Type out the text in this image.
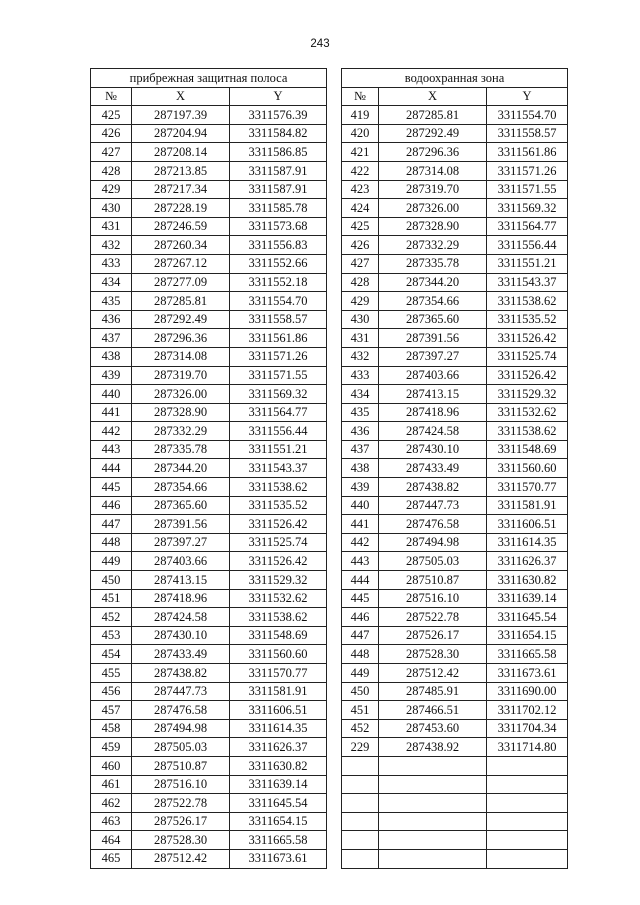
243
прибрежная защитная полоса				водоохранная зона		
№	X	Y		№	X	Y
425	287197.39	3311576.39		419	287285.81	3311554.70
426	287204.94	3311584.82		420	287292.49	3311558.57
427	287208.14	3311586.85		421	287296.36	3311561.86
428	287213.85	3311587.91		422	287314.08	3311571.26
429	287217.34	3311587.91		423	287319.70	3311571.55
430	287228.19	3311585.78		424	287326.00	3311569.32
431	287246.59	3311573.68		425	287328.90	3311564.77
432	287260.34	3311556.83		426	287332.29	3311556.44
433	287267.12	3311552.66		427	287335.78	3311551.21
434	287277.09	3311552.18		428	287344.20	3311543.37
435	287285.81	3311554.70		429	287354.66	3311538.62
436	287292.49	3311558.57		430	287365.60	3311535.52
437	287296.36	3311561.86		431	287391.56	3311526.42
438	287314.08	3311571.26		432	287397.27	3311525.74
439	287319.70	3311571.55		433	287403.66	3311526.42
440	287326.00	3311569.32		434	287413.15	3311529.32
441	287328.90	3311564.77		435	287418.96	3311532.62
442	287332.29	3311556.44		436	287424.58	3311538.62
443	287335.78	3311551.21		437	287430.10	3311548.69
444	287344.20	3311543.37		438	287433.49	3311560.60
445	287354.66	3311538.62		439	287438.82	3311570.77
446	287365.60	3311535.52		440	287447.73	3311581.91
447	287391.56	3311526.42		441	287476.58	3311606.51
448	287397.27	3311525.74		442	287494.98	3311614.35
449	287403.66	3311526.42		443	287505.03	3311626.37
450	287413.15	3311529.32		444	287510.87	3311630.82
451	287418.96	3311532.62		445	287516.10	3311639.14
452	287424.58	3311538.62		446	287522.78	3311645.54
453	287430.10	3311548.69		447	287526.17	3311654.15
454	287433.49	3311560.60		448	287528.30	3311665.58
455	287438.82	3311570.77		449	287512.42	3311673.61
456	287447.73	3311581.91		450	287485.91	3311690.00
457	287476.58	3311606.51		451	287466.51	3311702.12
458	287494.98	3311614.35		452	287453.60	3311704.34
459	287505.03	3311626.37		229	287438.92	3311714.80
460	287510.87	3311630.82				
461	287516.10	3311639.14				
462	287522.78	3311645.54				
463	287526.17	3311654.15				
464	287528.30	3311665.58				
465	287512.42	3311673.61				
